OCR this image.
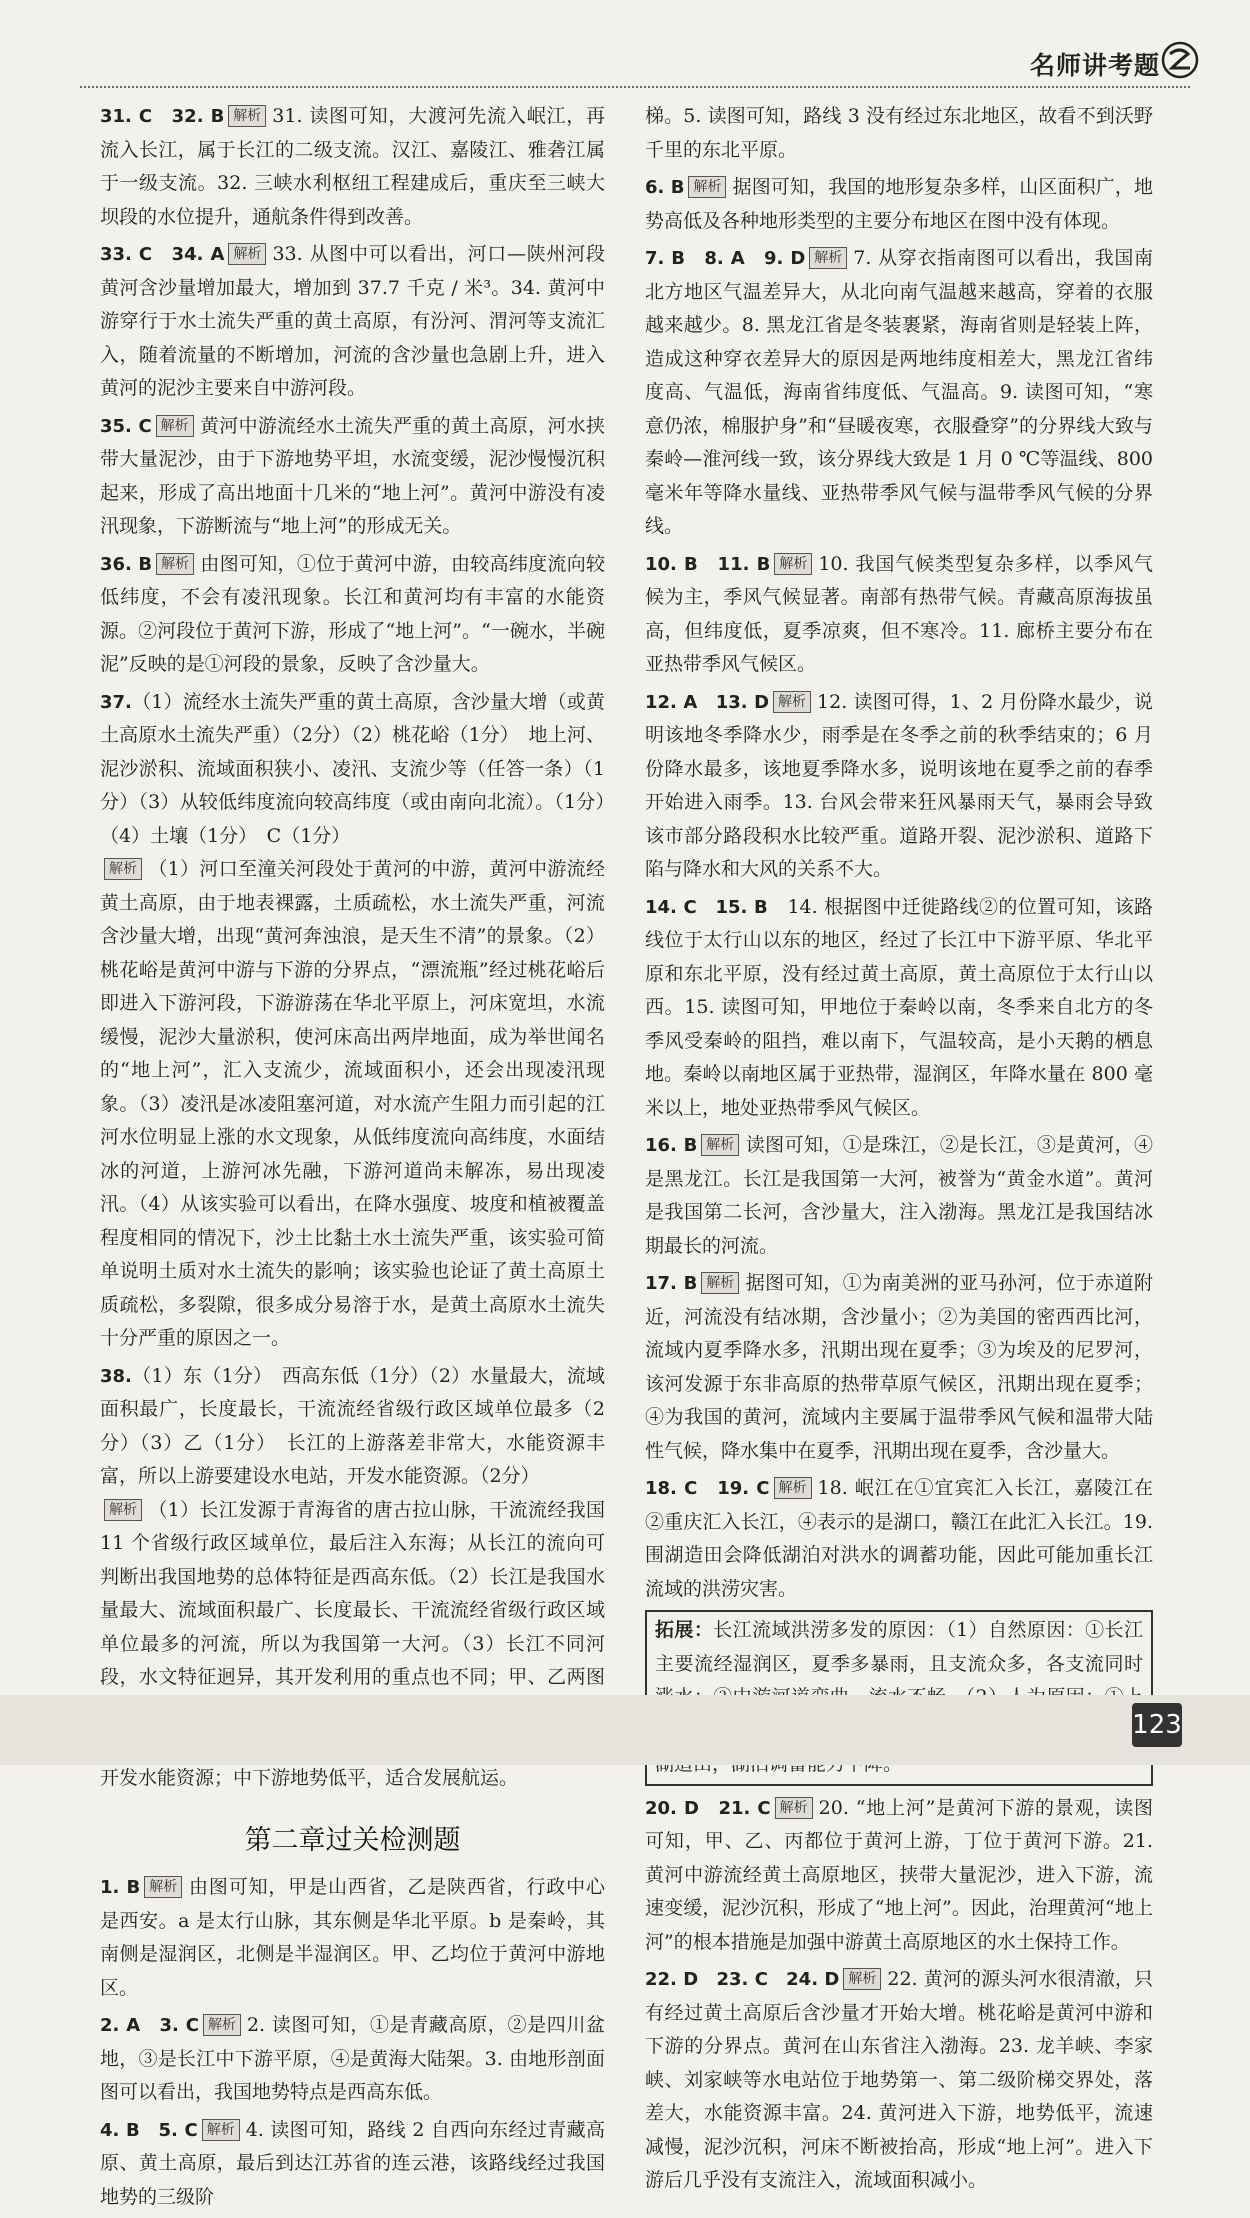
名师讲考题
31. C　32. B 解析 31. 读图可知，大渡河先流入岷江，再流入长江，属于长江的二级支流。汉江、嘉陵江、雅砻江属于一级支流。32. 三峡水利枢纽工程建成后，重庆至三峡大坝段的水位提升，通航条件得到改善。
33. C　34. A 解析 33. 从图中可以看出，河口—陕州河段黄河含沙量增加最大，增加到 37.7 千克 / 米³。34. 黄河中游穿行于水土流失严重的黄土高原，有汾河、渭河等支流汇入，随着流量的不断增加，河流的含沙量也急剧上升，进入黄河的泥沙主要来自中游河段。
35. C 解析 黄河中游流经水土流失严重的黄土高原，河水挟带大量泥沙，由于下游地势平坦，水流变缓，泥沙慢慢沉积起来，形成了高出地面十几米的“地上河”。黄河中游没有凌汛现象，下游断流与“地上河”的形成无关。
36. B 解析 由图可知，①位于黄河中游，由较高纬度流向较低纬度，不会有凌汛现象。长江和黄河均有丰富的水能资源。②河段位于黄河下游，形成了“地上河”。“一碗水，半碗泥”反映的是①河段的景象，反映了含沙量大。
37.（1）流经水土流失严重的黄土高原，含沙量大增（或黄土高原水土流失严重）（2分）（2）桃花峪（1分）　地上河、泥沙淤积、流域面积狭小、凌汛、支流少等（任答一条）（1分）（3）从较低纬度流向较高纬度（或由南向北流）。（1分）（4）土壤（1分）　C（1分）
解析 （1）河口至潼关河段处于黄河的中游，黄河中游流经黄土高原，由于地表裸露，土质疏松，水土流失严重，河流含沙量大增，出现“黄河奔浊浪，是天生不清”的景象。（2）桃花峪是黄河中游与下游的分界点，“漂流瓶”经过桃花峪后即进入下游河段，下游游荡在华北平原上，河床宽坦，水流缓慢，泥沙大量淤积，使河床高出两岸地面，成为举世闻名的“地上河”，汇入支流少，流域面积小，还会出现凌汛现象。（3）凌汛是冰凌阻塞河道，对水流产生阻力而引起的江河水位明显上涨的水文现象，从低纬度流向高纬度，水面结冰的河道，上游河冰先融，下游河道尚未解冻，易出现凌汛。（4）从该实验可以看出，在降水强度、坡度和植被覆盖程度相同的情况下，沙土比黏土水土流失严重，该实验可简单说明土质对水土流失的影响；该实验也论证了黄土高原土质疏松，多裂隙，很多成分易溶于水，是黄土高原水土流失十分严重的原因之一。
38.（1）东（1分）　西高东低（1分）（2）水量最大，流域面积最广，长度最长，干流流经省级行政区域单位最多（2分）（3）乙（1分）　长江的上游落差非常大，水能资源丰富，所以上游要建设水电站，开发水能资源。（2分）
解析 （1）长江发源于青海省的唐古拉山脉，干流流经我国 11 个省级行政区域单位，最后注入东海；从长江的流向可判断出我国地势的总体特征是西高东低。（2）长江是我国水量最大、流域面积最广、长度最长、干流流经省级行政区域单位最多的河流，所以为我国第一大河。（3）长江不同河段，水文特征迥异，其开发利用的重点也不同；甲、乙两图 开发水能资源；中下游地势低平，适合发展航运。
第二章过关检测题
1. B 解析 由图可知，甲是山西省，乙是陕西省，行政中心是西安。a 是太行山脉，其东侧是华北平原。b 是秦岭，其南侧是湿润区，北侧是半湿润区。甲、乙均位于黄河中游地区。
2. A　3. C 解析 2. 读图可知，①是青藏高原，②是四川盆地，③是长江中下游平原，④是黄海大陆架。3. 由地形剖面图可以看出，我国地势特点是西高东低。
4. B　5. C 解析 4. 读图可知，路线 2 自西向东经过青藏高原、黄土高原，最后到达江苏省的连云港，该路线经过我国地势的三级阶
梯。5. 读图可知，路线 3 没有经过东北地区，故看不到沃野千里的东北平原。
6. B 解析 据图可知，我国的地形复杂多样，山区面积广，地势高低及各种地形类型的主要分布地区在图中没有体现。
7. B　8. A　9. D 解析 7. 从穿衣指南图可以看出，我国南北方地区气温差异大，从北向南气温越来越高，穿着的衣服越来越少。8. 黑龙江省是冬装裹紧，海南省则是轻装上阵，造成这种穿衣差异大的原因是两地纬度相差大，黑龙江省纬度高、气温低，海南省纬度低、气温高。9. 读图可知，“寒意仍浓，棉服护身”和“昼暖夜寒，衣服叠穿”的分界线大致与秦岭—淮河线一致，该分界线大致是 1 月 0 ℃等温线、800 毫米年等降水量线、亚热带季风气候与温带季风气候的分界线。
10. B　11. B 解析 10. 我国气候类型复杂多样，以季风气候为主，季风气候显著。南部有热带气候。青藏高原海拔虽高，但纬度低，夏季凉爽，但不寒冷。11. 廊桥主要分布在亚热带季风气候区。
12. A　13. D 解析 12. 读图可得，1、2 月份降水最少，说明该地冬季降水少，雨季是在冬季之前的秋季结束的；6 月份降水最多，该地夏季降水多，说明该地在夏季之前的春季开始进入雨季。13. 台风会带来狂风暴雨天气，暴雨会导致该市部分路段积水比较严重。道路开裂、泥沙淤积、道路下陷与降水和大风的关系不大。
14. C　15. B　 14. 根据图中迁徙路线②的位置可知，该路线位于太行山以东的地区，经过了长江中下游平原、华北平原和东北平原，没有经过黄土高原，黄土高原位于太行山以西。15. 读图可知，甲地位于秦岭以南，冬季来自北方的冬季风受秦岭的阻挡，难以南下，气温较高，是小天鹅的栖息地。秦岭以南地区属于亚热带，湿润区，年降水量在 800 毫米以上，地处亚热带季风气候区。
16. B 解析 读图可知，①是珠江，②是长江，③是黄河，④是黑龙江。长江是我国第一大河，被誉为“黄金水道”。黄河是我国第二长河，含沙量大，注入渤海。黑龙江是我国结冰期最长的河流。
17. B 解析 据图可知，①为南美洲的亚马孙河，位于赤道附近，河流没有结冰期，含沙量小；②为美国的密西西比河，流域内夏季降水多，汛期出现在夏季；③为埃及的尼罗河，该河发源于东非高原的热带草原气候区，汛期出现在夏季；④为我国的黄河，流域内主要属于温带季风气候和温带大陆性气候，降水集中在夏季，汛期出现在夏季，含沙量大。
18. C　19. C 解析 18. 岷江在①宜宾汇入长江，嘉陵江在②重庆汇入长江，④表示的是湖口，赣江在此汇入长江。19. 围湖造田会降低湖泊对洪水的调蓄功能，因此可能加重长江流域的洪涝灾害。
拓展：长江流域洪涝多发的原因：（1）自然原因：①长江主要流经湿润区，夏季多暴雨，且支流众多，各支流同时
20. D　21. C 解析 20. “地上河”是黄河下游的景观，读图可知，甲、乙、丙都位于黄河上游，丁位于黄河下游。21. 黄河中游流经黄土高原地区，挟带大量泥沙，进入下游，流速变缓，泥沙沉积，形成了“地上河”。因此，治理黄河“地上河”的根本措施是加强中游黄土高原地区的水土保持工作。
22. D　23. C　24. D 解析 22. 黄河的源头河水很清澈，只有经过黄土高原后含沙量才开始大增。桃花峪是黄河中游和下游的分界点。黄河在山东省注入渤海。23. 龙羊峡、李家峡、刘家峡等水电站位于地势第一、第二级阶梯交界处，落差大，水能资源丰富。24. 黄河进入下游，地势低平，流速减慢，泥沙沉积，河床不断被抬高，形成“地上河”。进入下游后几乎没有支流注入，流域面积减小。
123
